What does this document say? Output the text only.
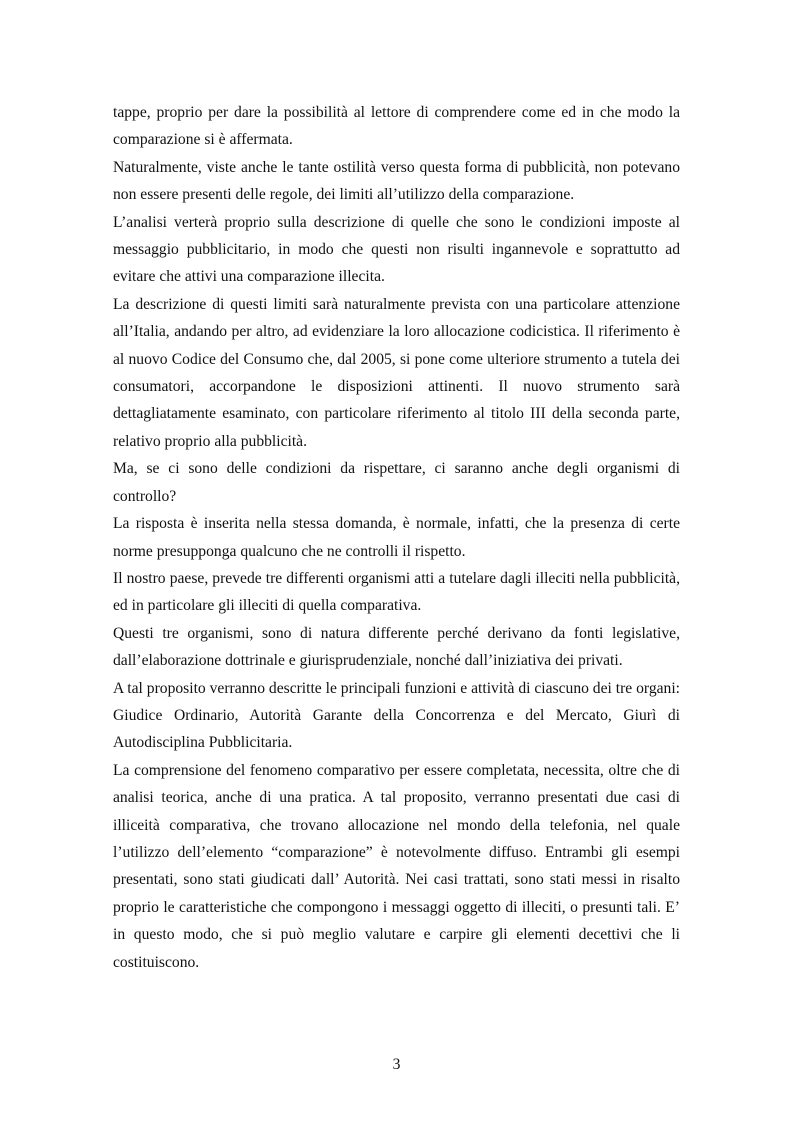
tappe, proprio per dare la possibilità al lettore di comprendere come ed in che modo la comparazione si è affermata.

Naturalmente, viste anche le tante ostilità verso questa forma di pubblicità, non potevano non essere presenti delle regole, dei limiti all’utilizzo della comparazione.

L’analisi verterà proprio sulla descrizione di quelle che sono le condizioni imposte al messaggio pubblicitario, in modo che questi non risulti ingannevole e soprattutto ad evitare che attivi una comparazione illecita.

La descrizione di questi limiti sarà naturalmente prevista con una particolare attenzione all’Italia, andando per altro, ad evidenziare la loro allocazione codicistica. Il riferimento è al nuovo Codice del Consumo che, dal 2005, si pone come ulteriore strumento a tutela dei consumatori, accorpandone le disposizioni attinenti. Il nuovo strumento sarà dettagliatamente esaminato, con particolare riferimento al titolo III della seconda parte, relativo proprio alla pubblicità.

Ma, se ci sono delle condizioni da rispettare, ci saranno anche degli organismi di controllo?

La risposta è inserita nella stessa domanda, è normale, infatti, che la presenza di certe norme presupponga qualcuno che ne controlli il rispetto.

Il nostro paese, prevede tre differenti organismi atti a tutelare dagli illeciti nella pubblicità, ed in particolare gli illeciti di quella comparativa.

Questi tre organismi, sono di natura differente perché derivano da fonti legislative, dall’elaborazione dottrinale e giurisprudenziale, nonché dall’iniziativa dei privati.

A tal proposito verranno descritte le principali funzioni e attività di ciascuno dei tre organi: Giudice Ordinario, Autorità Garante della Concorrenza e del Mercato, Giurì di Autodisciplina Pubblicitaria.

La comprensione del fenomeno comparativo per essere completata, necessita, oltre che di analisi teorica, anche di una pratica. A tal proposito, verranno presentati due casi di illiceità comparativa, che trovano allocazione nel mondo della telefonia, nel quale l’utilizzo dell’elemento “comparazione” è notevolmente diffuso. Entrambi gli esempi presentati, sono stati giudicati dall’ Autorità. Nei casi trattati, sono stati messi in risalto proprio le caratteristiche che compongono i messaggi oggetto di illeciti, o presunti tali. E’ in questo modo, che si può meglio valutare e carpire gli elementi decettivi che li costituiscono.

3
